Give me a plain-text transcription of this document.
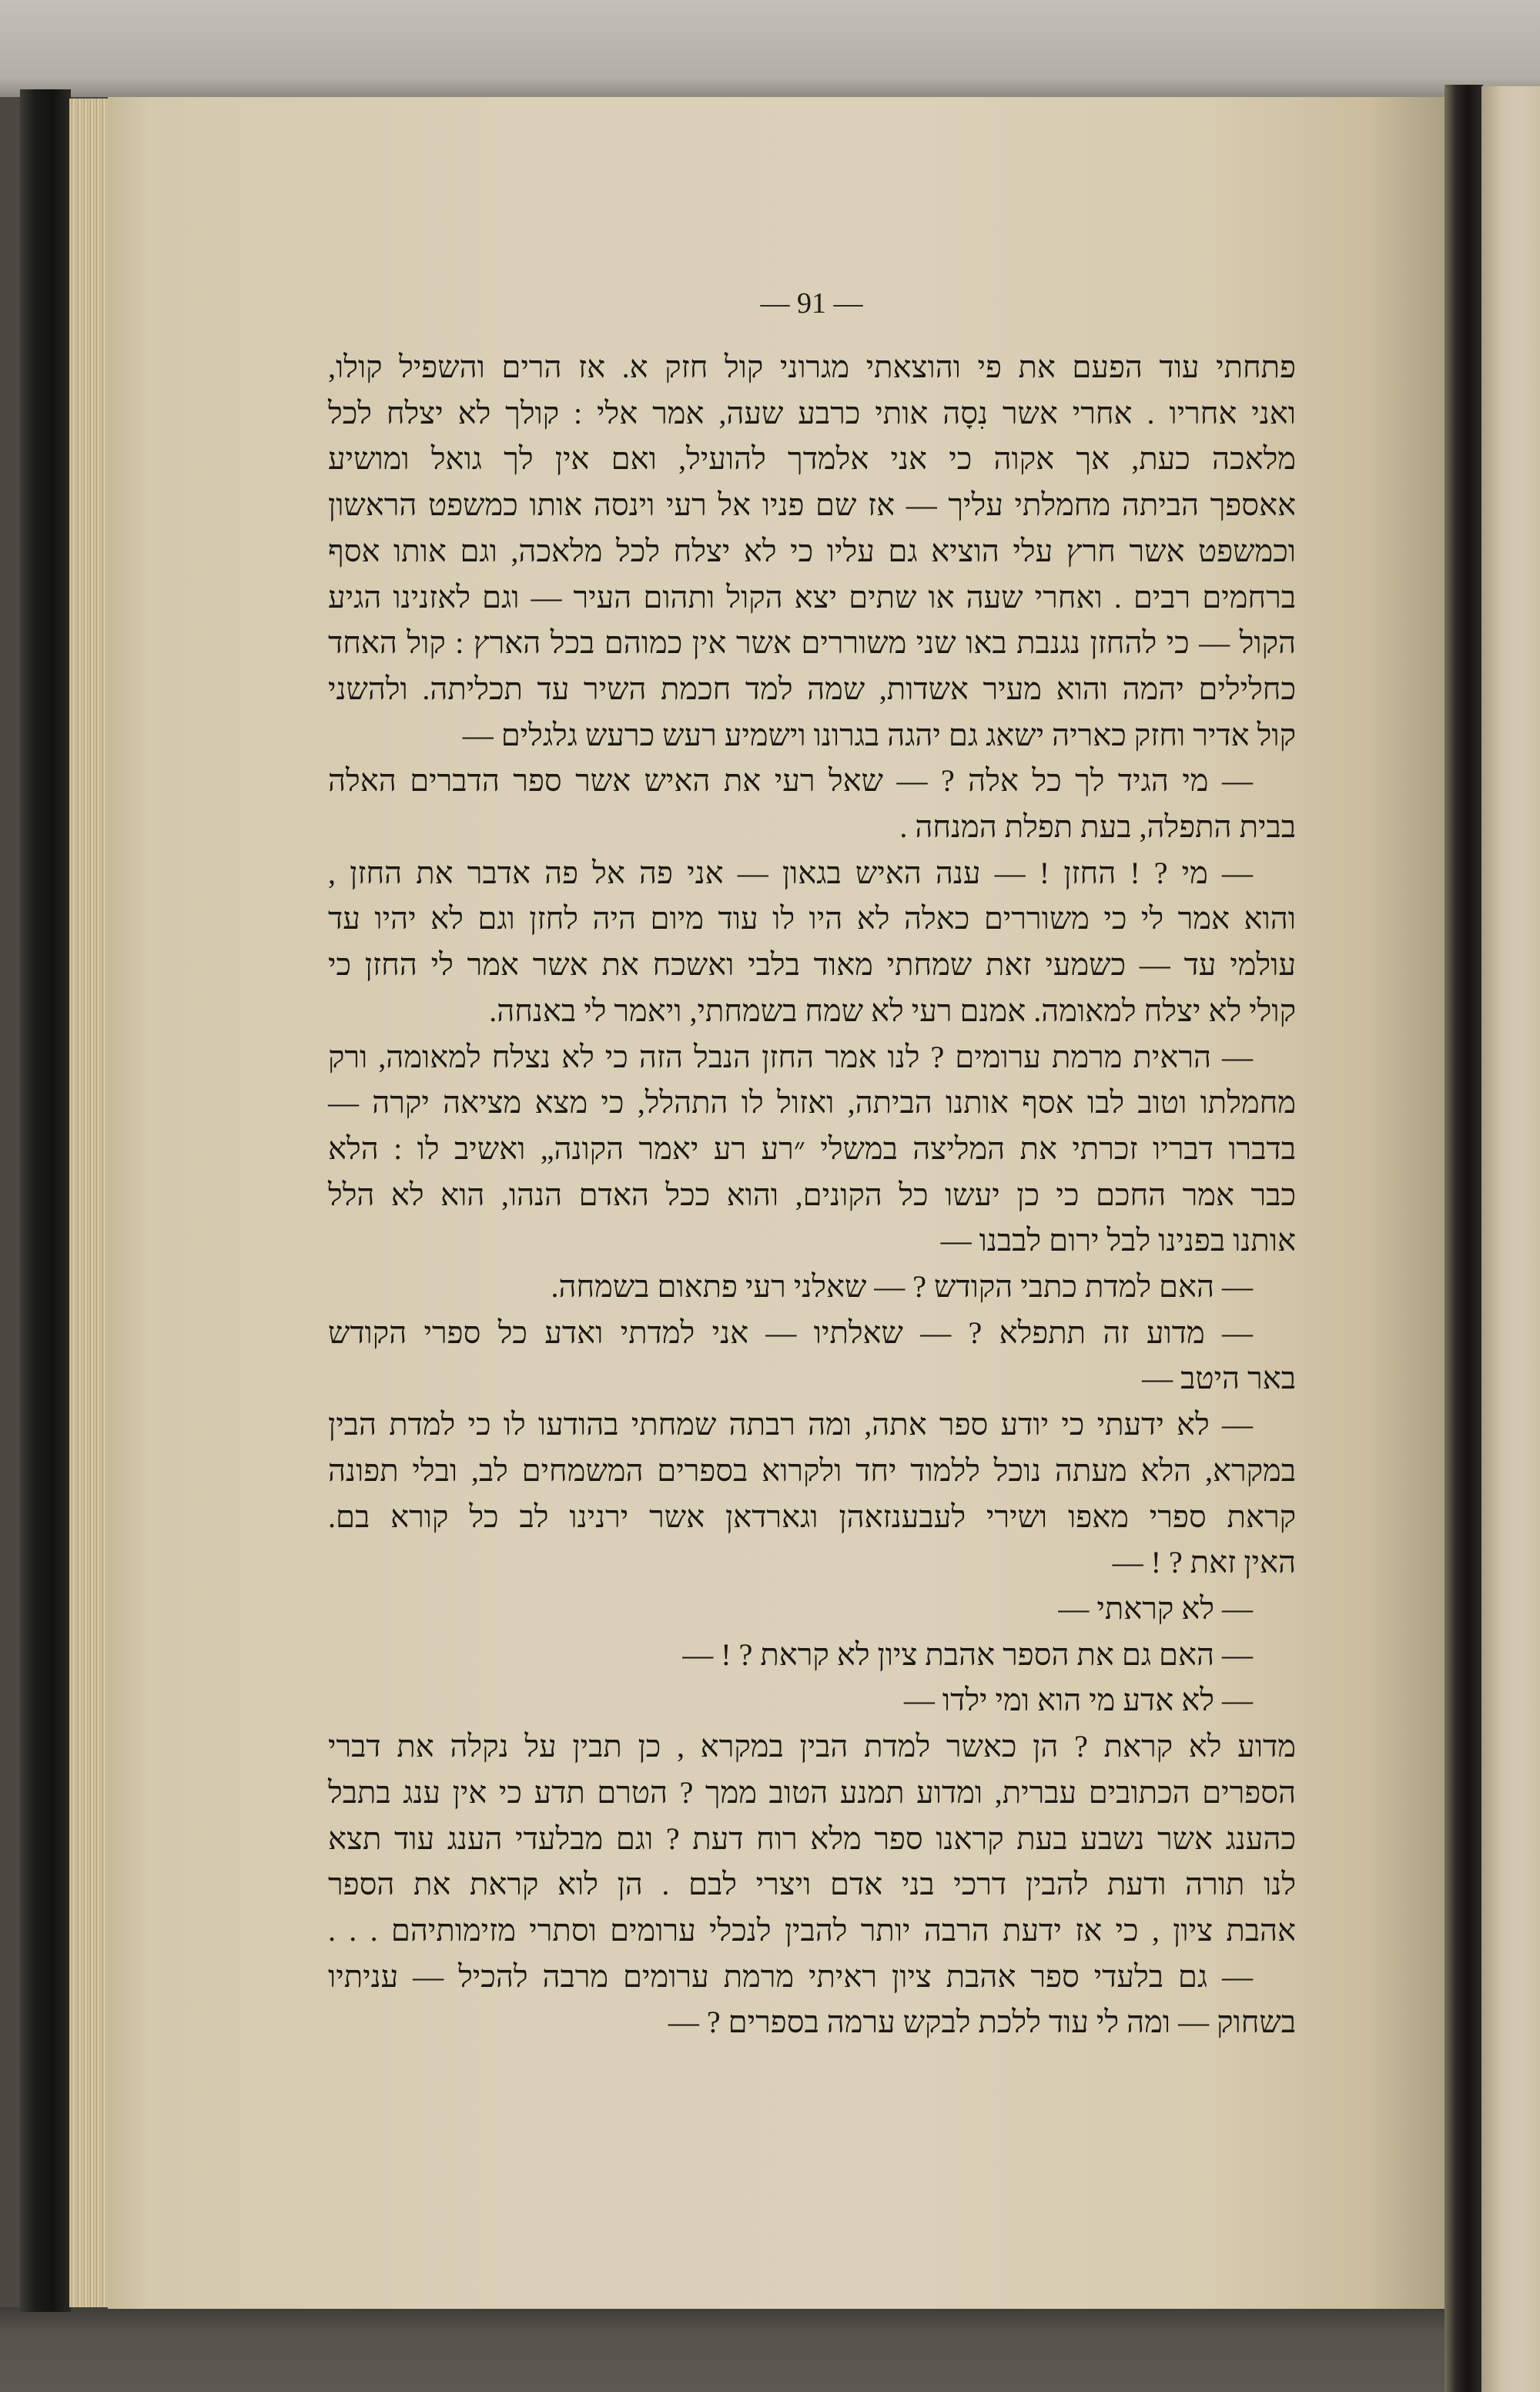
— 91 —
פתחתי עוד הפעם את פי והוצאתי מגרוני קול חזק א. אז הרים והשפיל קולו,
ואני אחריו . אחרי אשר נִסָה אותי כרבע שעה, אמר אלי : קולך לא יצלח לכל
מלאכה כעת, אך אקוה כי אני אלמדך להועיל, ואם אין לך גואל ומושיע
אאספך הביתה מחמלתי עליך — אז שם פניו אל רעי וינסה אותו כמשפט הראשון
וכמשפט אשר חרץ עלי הוציא גם עליו כי לא יצלח לכל מלאכה, וגם אותו אסף
ברחמים רבים . ואחרי שעה או שתים יצא הקול ותהום העיר — וגם לאזנינו הגיע
הקול — כי להחזן נגנבת באו שני משוררים אשר אין כמוהם בכל הארץ : קול האחד
כחלילים יהמה והוא מעיר אשדות, שמה למד חכמת השיר עד תכליתה. ולהשני
קול אדיר וחזק כאריה ישאג גם יהגה בגרונו וישמיע רעש כרעש גלגלים —
— מי הגיד לך כל אלה ? — שאל רעי את האיש אשר ספר הדברים האלה
בבית התפלה, בעת תפלת המנחה .
— מי ? ! החזן ! — ענה האיש בגאון — אני פה אל פה אדבר את החזן ,
והוא אמר לי כי משוררים כאלה לא היו לו עוד מיום היה לחזן וגם לא יהיו עד
עולמי עד — כשמעי זאת שמחתי מאוד בלבי ואשכח את אשר אמר לי החזן כי
קולי לא יצלח למאומה. אמנם רעי לא שמח בשמחתי, ויאמר לי באנחה.
— הראית מרמת ערומים ? לנו אמר החזן הנבל הזה כי לא נצלח למאומה, ורק
מחמלתו וטוב לבו אסף אותנו הביתה, ואזול לו התהלל, כי מצא מציאה יקרה —
בדברו דבריו זכרתי את המליצה במשלי ״רע רע יאמר הקונה„ ואשיב לו : הלא
כבר אמר החכם כי כן יעשו כל הקונים, והוא ככל האדם הנהו, הוא לא הלל
אותנו בפנינו לבל ירום לבבנו —
— האם למדת כתבי הקודש ? — שאלני רעי פתאום בשמחה.
— מדוע זה תתפלא ? — שאלתיו — אני למדתי ואדע כל ספרי הקודש
באר היטב —
— לא ידעתי כי יודע ספר אתה, ומה רבתה שמחתי בהודעו לו כי למדת הבין
במקרא, הלא מעתה נוכל ללמוד יחד ולקרוא בספרים המשמחים לב, ובלי תפונה
קראת ספרי מאפו ושירי לעבענזאהן וגארדאן אשר ירנינו לב כל קורא בם.
האין זאת ? ! —
— לא קראתי —
— האם גם את הספר אהבת ציון לא קראת ? ! —
— לא אדע מי הוא ומי ילדו —
מדוע לא קראת ? הן כאשר למדת הבין במקרא , כן תבין על נקלה את דברי
הספרים הכתובים עברית, ומדוע תמנע הטוב ממך ? הטרם תדע כי אין ענג בתבל
כהענג אשר נשבע בעת קראנו ספר מלא רוח דעת ? וגם מבלעדי הענג עוד תצא
לנו תורה ודעת להבין דרכי בני אדם ויצרי לבם . הן לוא קראת את הספר
אהבת ציון , כי אז ידעת הרבה יותר להבין לנכלי ערומים וסתרי מזימותיהם . . .
— גם בלעדי ספר אהבת ציון ראיתי מרמת ערומים מרבה להכיל — עניתיו
בשחוק — ומה לי עוד ללכת לבקש ערמה בספרים ? —
